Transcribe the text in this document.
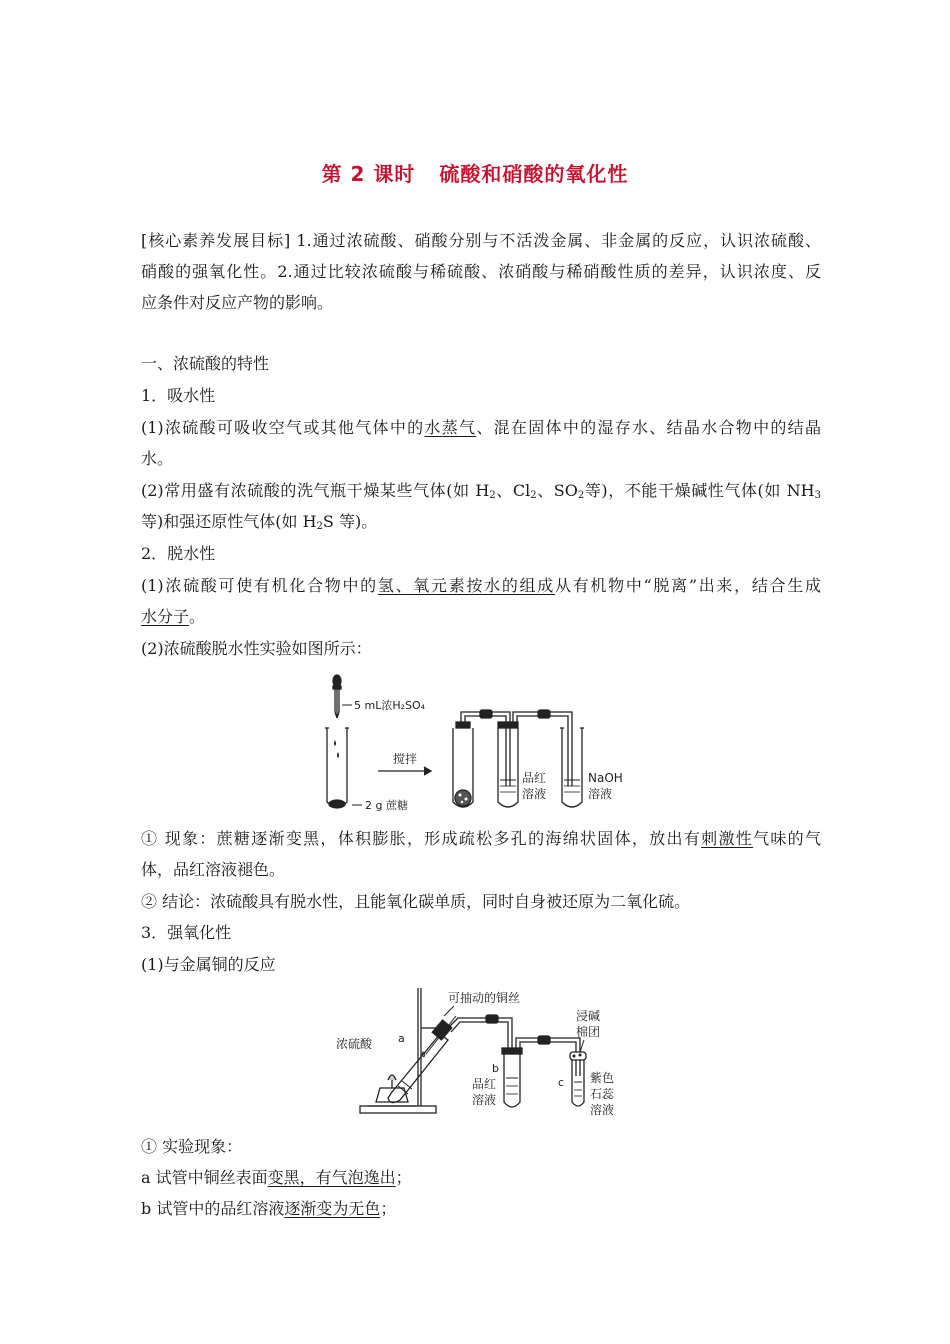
第 2 课时 硫酸和硝酸的氧化性
[核心素养发展目标] 1.通过浓硫酸、硝酸分别与不活泼金属、非金属的反应，认识浓硫酸、
硝酸的强氧化性。2.通过比较浓硫酸与稀硫酸、浓硝酸与稀硝酸性质的差异，认识浓度、反
应条件对反应产物的影响。
一、浓硫酸的特性
1．吸水性
(1)浓硫酸可吸收空气或其他气体中的水蒸气、混在固体中的湿存水、结晶水合物中的结晶
水。
(2)常用盛有浓硫酸的洗气瓶干燥某些气体(如 $H_2$、$Cl_2$、$SO_2$等)，不能干燥碱性气体(如 $NH_3$
等)和强还原性气体(如 $H_2S$ 等)。
2．脱水性
(1)浓硫酸可使有机化合物中的氢、氧元素按水的组成从有机物中“脱离”出来，结合生成
水分子。
(2)浓硫酸脱水性实验如图所示：
5 mL浓H₂SO₄
2 g 蔗糖
搅拌
品红
溶液
NaOH
溶液
① 现象：蔗糖逐渐变黑，体积膨胀，形成疏松多孔的海绵状固体，放出有刺激性气味的气
体，品红溶液褪色。
② 结论：浓硫酸具有脱水性，且能氧化碳单质，同时自身被还原为二氧化硫。
3．强氧化性
(1)与金属铜的反应
可抽动的铜丝
浓硫酸 a
b
品红
溶液
c
浸碱
棉团
紫色
石蕊
溶液
① 实验现象：
a 试管中铜丝表面变黑，有气泡逸出；
b 试管中的品红溶液逐渐变为无色；
